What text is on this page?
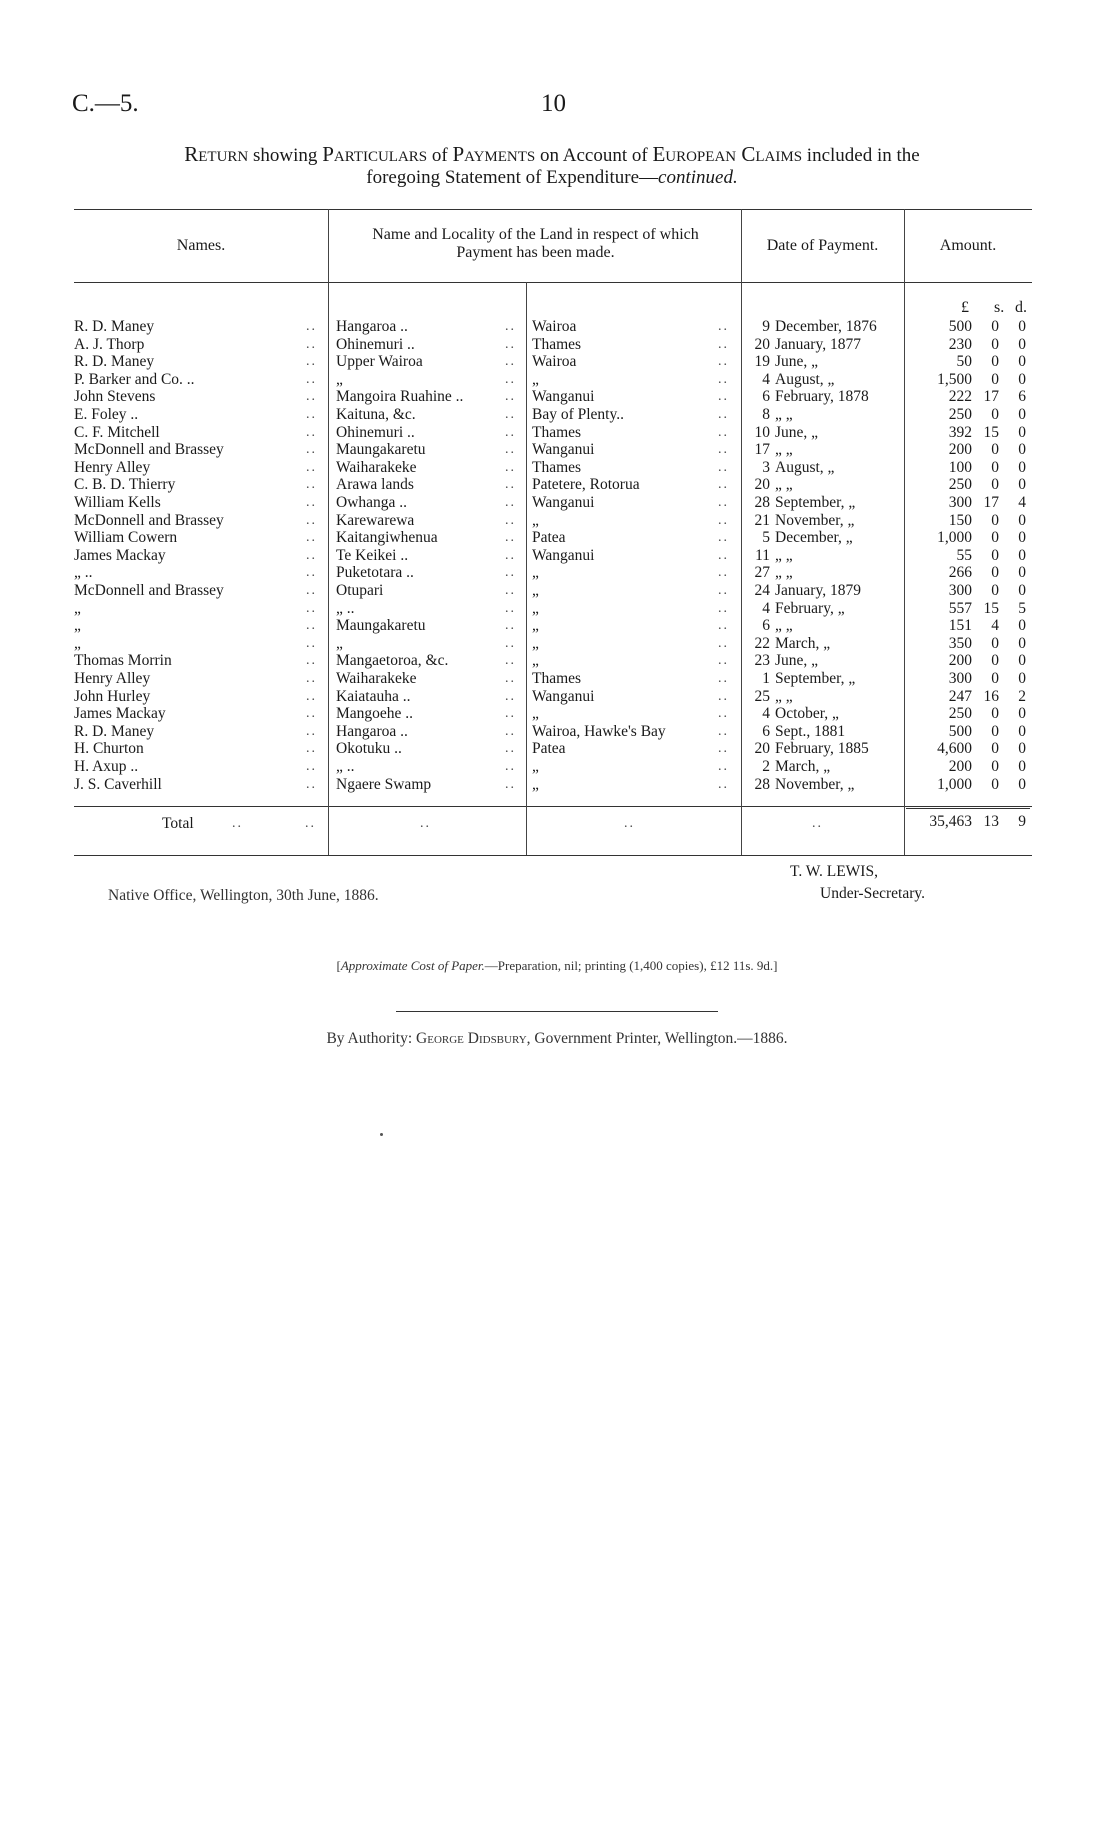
C.—5.	10
Return showing Particulars of Payments on Account of European Claims included in the
foregoing Statement of Expenditure—continued.
Names.
Name and Locality of the Land in respect of which Payment has been made.	Date of Payment.	Amount.
£ s. d.
R. D. Maney	Hangaroa ..	Wairoa	9 December, 1876	500	0	0
..	..	..
A. J. Thorp	Ohinemuri ..	Thames	20 January, 1877	230	0	0
..	..	..
R. D. Maney	Upper Wairoa	Wairoa	19 June, „	50	0	0
..	..	..
P. Barker and Co. ..	„	„	4 August, „	1,500	0	0
..	..	..
John Stevens	Mangoira Ruahine ..	Wanganui	6 February, 1878	222 17	6
..	..	..
E. Foley ..	Kaituna, &c.	Bay of Plenty..	8 „ „	250	0	0
..	..	..
C. F. Mitchell	Ohinemuri ..	Thames	10 June, „	392 15	0
..	..	..
McDonnell and Brassey	Maungakaretu	Wanganui	17 „ „	200	0	0
..	..	..
Henry Alley	Waiharakeke	Thames	3 August, „	100	0	0
..	..	..
C. B. D. Thierry	Arawa lands	Patetere, Rotorua	20 „ „	250	0	0
..	..	..
William Kells	Owhanga ..	Wanganui	28 September, „	300 17	4
..	..	..
McDonnell and Brassey	Karewarewa	„	21 November, „	150	0	0
..	..	..
William Cowern	Kaitangiwhenua	Patea	5 December, „	1,000	0	0
..	..	..
James Mackay	Te Keikei ..	Wanganui	11 „ „	55	0	0
..	..	..
„ ..	Puketotara ..	„	27 „ „	266	0	0
..	..	..
McDonnell and Brassey	Otupari	„	24 January, 1879	300	0	0
..	..	..
„	„ ..	„	4 February, „	557 15	5
..	..	..
„	Maungakaretu	„	6 „ „	151	4	0
..	..	..
„	„	„	22 March, „	350	0	0
..	..	..
Thomas Morrin	Mangaetoroa, &c.	„	23 June, „	200	0	0
..	..	..
Henry Alley	Waiharakeke	Thames	1 September, „	300	0	0
..	..	..
John Hurley	Kaiatauha ..	Wanganui	25 „ „	247 16	2
..	..	..
James Mackay	Mangoehe ..	„	4 October, „	250	0	0
..	..	..
R. D. Maney	Hangaroa ..	Wairoa, Hawke's Bay	6 Sept., 1881	500	0	0
..	..	..
H. Churton	Okotuku ..	Patea	20 February, 1885	4,600	0	0
..	..	..
H. Axup ..	„ ..	„	2 March, „	200	0	0
..	..	..
J. S. Caverhill	Ngaere Swamp	„	28 November, „	1,000	0	0
..	..	..
Total	..	..	..	..	..	35,463 13	9
Native Office, Wellington, 30th June, 1886.
T. W. LEWIS,
Under-Secretary.
[Approximate Cost of Paper.—Preparation, nil; printing (1,400 copies), £12 11s. 9d.]
By Authority: George Didsbury, Government Printer, Wellington.—1886.
